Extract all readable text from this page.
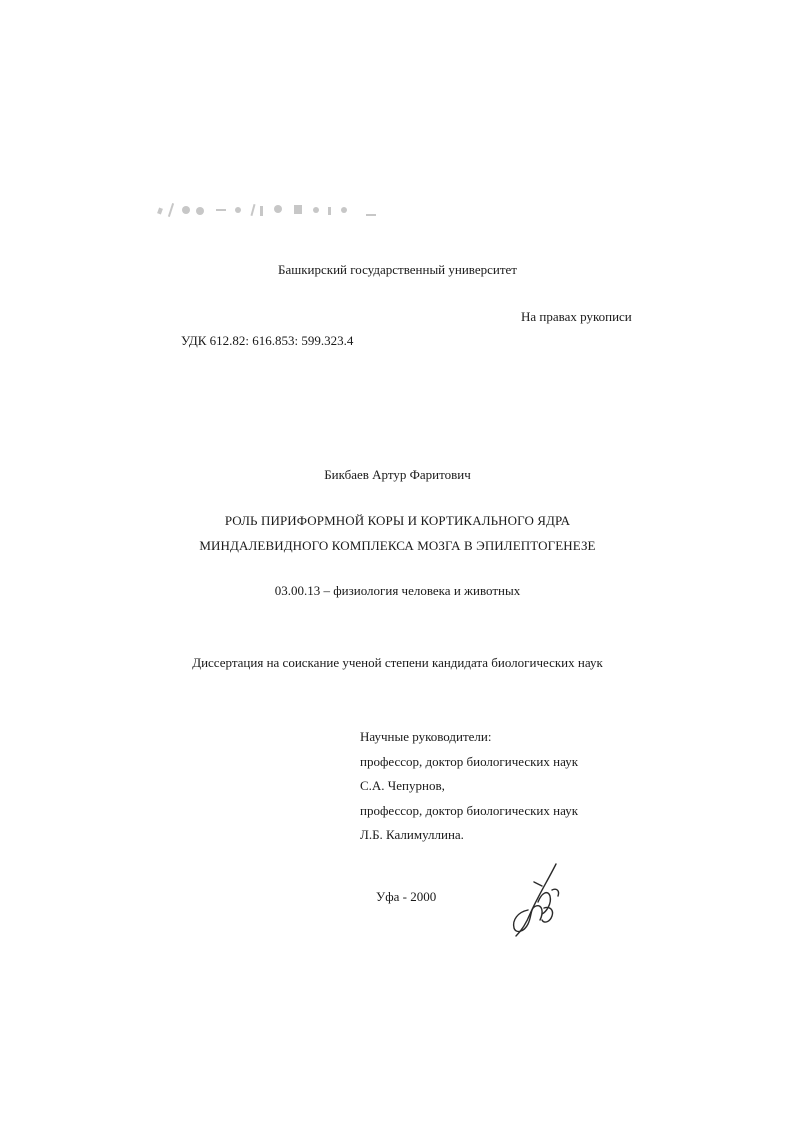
Башкирский государственный университет
На правах рукописи
УДК 612.82: 616.853: 599.323.4
Бикбаев Артур Фаритович
РОЛЬ ПИРИФОРМНОЙ КОРЫ И КОРТИКАЛЬНОГО ЯДРА
МИНДАЛЕВИДНОГО КОМПЛЕКСА МОЗГА В ЭПИЛЕПТОГЕНЕЗЕ
03.00.13 – физиология человека и животных
Диссертация на соискание ученой степени кандидата биологических наук
Научные руководители:
профессор, доктор биологических наук
С.А. Чепурнов,
профессор, доктор биологических наук
Л.Б. Калимуллина.
Уфа - 2000
